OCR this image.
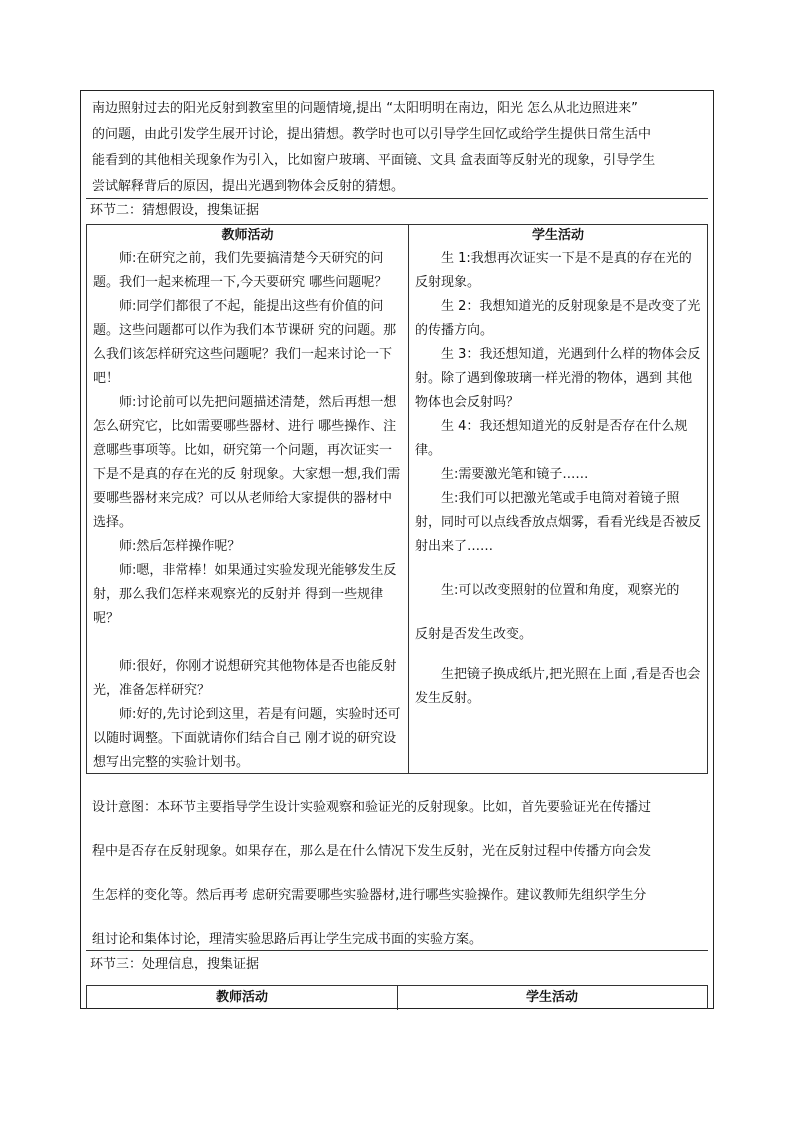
南边照射过去的阳光反射到教室里的问题情境,提出 “太阳明明在南边，阳光 怎么从北边照进来”

的问题，由此引发学生展开讨论，提出猜想。教学时也可以引导学生回忆或给学生提供日常生活中

能看到的其他相关现象作为引入，比如窗户玻璃、平面镜、文具 盒表面等反射光的现象，引导学生

尝试解释背后的原因，提出光遇到物体会反射的猜想。

环节二：猜想假设，搜集证据
教师活动

师:在研究之前，我们先要搞清楚今天研究的问题。我们一起来梳理一下,今天要研究 哪些问题呢？

师:同学们都很了不起，能提出这些有价值的问题。这些问题都可以作为我们本节课研 究的问题。那么我们该怎样研究这些问题呢？我们一起来讨论一下吧！

师:讨论前可以先把问题描述清楚，然后再想一想怎么研究它，比如需要哪些器材、进行 哪些操作、注意哪些事项等。比如，研究第一个问题，再次证实一下是不是真的存在光的反 射现象。大家想一想,我们需要哪些器材来完成？可以从老师给大家提供的器材中选择。

师:然后怎样操作呢？

师:嗯，非常棒！如果通过实验发现光能够发生反射，那么我们怎样来观察光的反射并 得到一些规律呢？

师:很好，你刚才说想研究其他物体是否也能反射光，准备怎样研究？

师:好的,先讨论到这里，若是有问题，实验时还可以随时调整。下面就请你们结合自己 刚才说的研究设想写出完整的实验计划书。

学生活动

生 1:我想再次证实一下是不是真的存在光的反射现象。

生 2：我想知道光的反射现象是不是改变了光的传播方向。

生 3：我还想知道，光遇到什么样的物体会反射。除了遇到像玻璃一样光滑的物体，遇到 其他物体也会反射吗？

生 4：我还想知道光的反射是否存在什么规律。

生:需要激光笔和镜子……

生:我们可以把激光笔或手电筒对着镜子照射，同时可以点线香放点烟雾，看看光线是否被反射出来了……

生:可以改变照射的位置和角度，观察光的

反射是否发生改变。

生把镜子换成纸片,把光照在上面 ,看是否也会发生反射。

设计意图：本环节主要指导学生设计实验观察和验证光的反射现象。比如，首先要验证光在传播过

程中是否存在反射现象。如果存在，那么是在什么情况下发生反射，光在反射过程中传播方向会发

生怎样的变化等。然后再考 虑研究需要哪些实验器材,进行哪些实验操作。建议教师先组织学生分

组讨论和集体讨论，理清实验思路后再让学生完成书面的实验方案。

环节三：处理信息，搜集证据
教师活动	学生活动
